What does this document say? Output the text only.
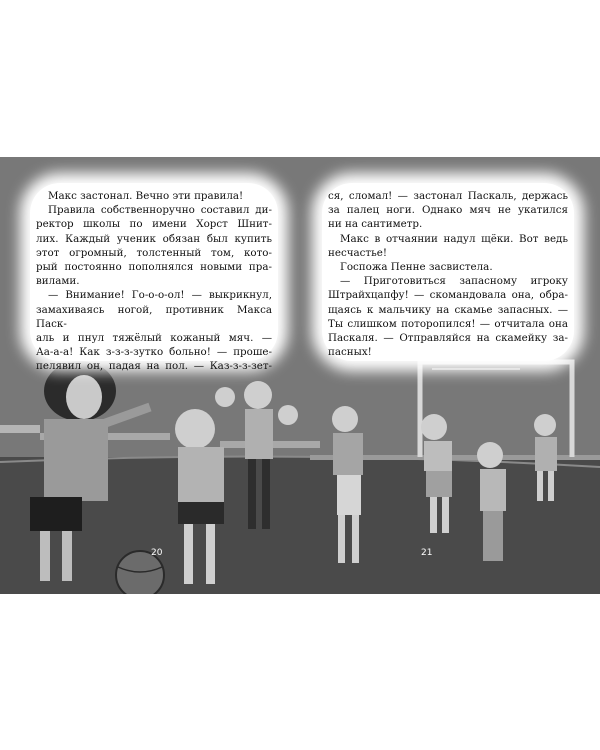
Макс застонал. Вечно эти правила!
Правила собственноручно составил ди-
ректор школы по имени Хорст Шнит-
лих. Каждый ученик обязан был купить
этот огромный, толстенный том, кото-
рый постоянно пополнялся новыми пра-
вилами.
— Внимание! Го-о-о-ол! — выкрикнул,
замахиваясь ногой, противник Макса Паск-
аль и пнул тяжёлый кожаный мяч. —
Аа-а-а! Как з-з-з-зутко больно! — проше-
пелявил он, падая на пол. — Каз-з-з-зет-
ся, сломал! — застонал Паскаль, держась
за палец ноги. Однако мяч не укатился
ни на сантиметр.
Макс в отчаянии надул щёки. Вот ведь
несчастье!
Госпожа Пенне засвистела.
— Приготовиться запасному игроку
Штрайхцапфу! — скомандовала она, обра-
щаясь к мальчику на скамье запасных. —
Ты слишком поторопился! — отчитала она
Паскаля. — Отправляйся на скамейку за-
пасных!
20	21
